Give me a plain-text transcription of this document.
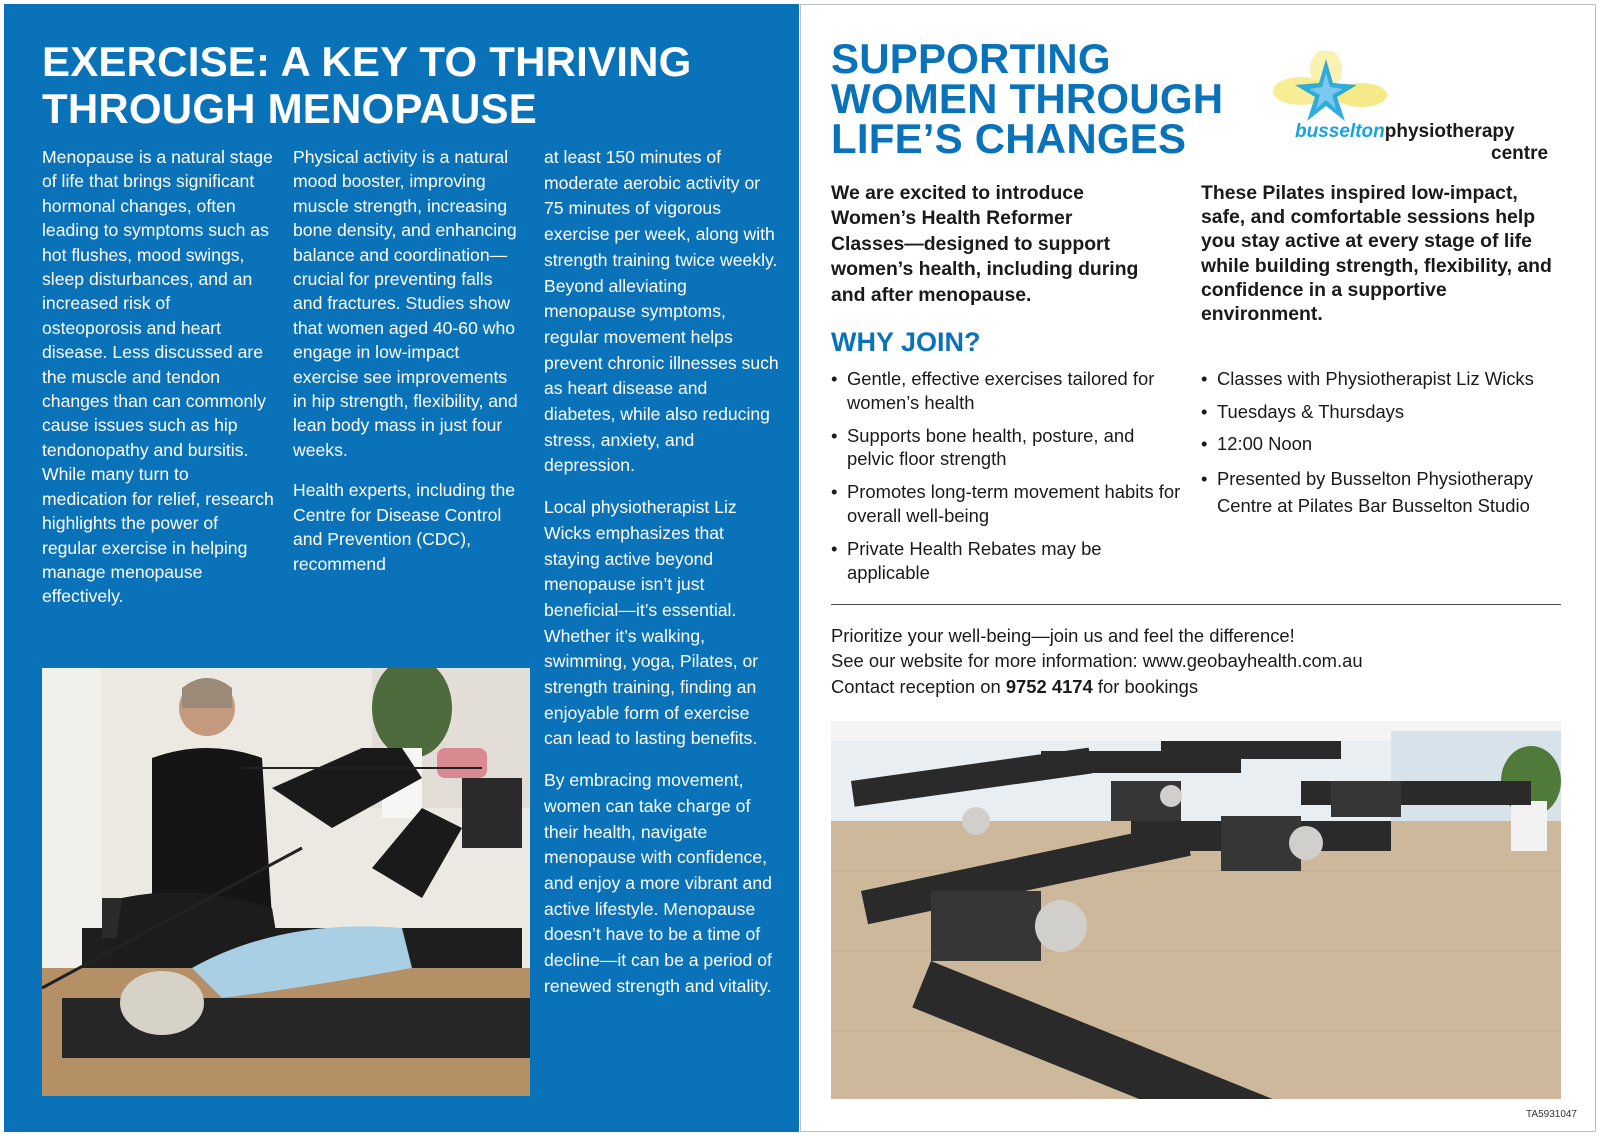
EXERCISE: A KEY TO THRIVING
THROUGH MENOPAUSE

Menopause is a natural stage of life that brings significant hormonal changes, often leading to symptoms such as hot flushes, mood swings, sleep disturbances, and an increased risk of osteoporosis and heart disease. Less discussed are the muscle and tendon changes than can commonly cause issues such as hip tendonopathy and bursitis. While many turn to medication for relief, research highlights the power of regular exercise in helping manage menopause effectively.

Physical activity is a natural mood booster, improving muscle strength, increasing bone density, and enhancing balance and coordination—crucial for preventing falls and fractures. Studies show that women aged 40-60 who engage in low-impact exercise see improvements in hip strength, flexibility, and lean body mass in just four weeks.

Health experts, including the Centre for Disease Control and Prevention (CDC), recommend

at least 150 minutes of moderate aerobic activity or 75 minutes of vigorous exercise per week, along with strength training twice weekly. Beyond alleviating menopause symptoms, regular movement helps prevent chronic illnesses such as heart disease and diabetes, while also reducing stress, anxiety, and depression.

Local physiotherapist Liz Wicks emphasizes that staying active beyond menopause isn’t just beneficial—it’s essential. Whether it’s walking, swimming, yoga, Pilates, or strength training, finding an enjoyable form of exercise can lead to lasting benefits.

By embracing movement, women can take charge of their health, navigate menopause with confidence, and enjoy a more vibrant and active lifestyle. Menopause doesn’t have to be a time of decline—it can be a period of renewed strength and vitality.

SUPPORTING
WOMEN THROUGH
LIFE’S CHANGES	busseltonphysiotherapy
centre

We are excited to introduce Women’s Health Reformer Classes—designed to support women’s health, including during and after menopause.

These Pilates inspired low-impact, safe, and comfortable sessions help you stay active at every stage of life while building strength, flexibility, and confidence in a supportive environment.

WHY JOIN?
• Gentle, effective exercises tailored for women’s health
• Supports bone health, posture, and pelvic floor strength
• Promotes long-term movement habits for overall well-being
• Private Health Rebates may be applicable
• Classes with Physiotherapist Liz Wicks
• Tuesdays & Thursdays
• 12:00 Noon
• Presented by Busselton Physiotherapy Centre at Pilates Bar Busselton Studio
Prioritize your well-being—join us and feel the difference!
See our website for more information: www.geobayhealth.com.au
Contact reception on 9752 4174 for bookings
TA5931047
